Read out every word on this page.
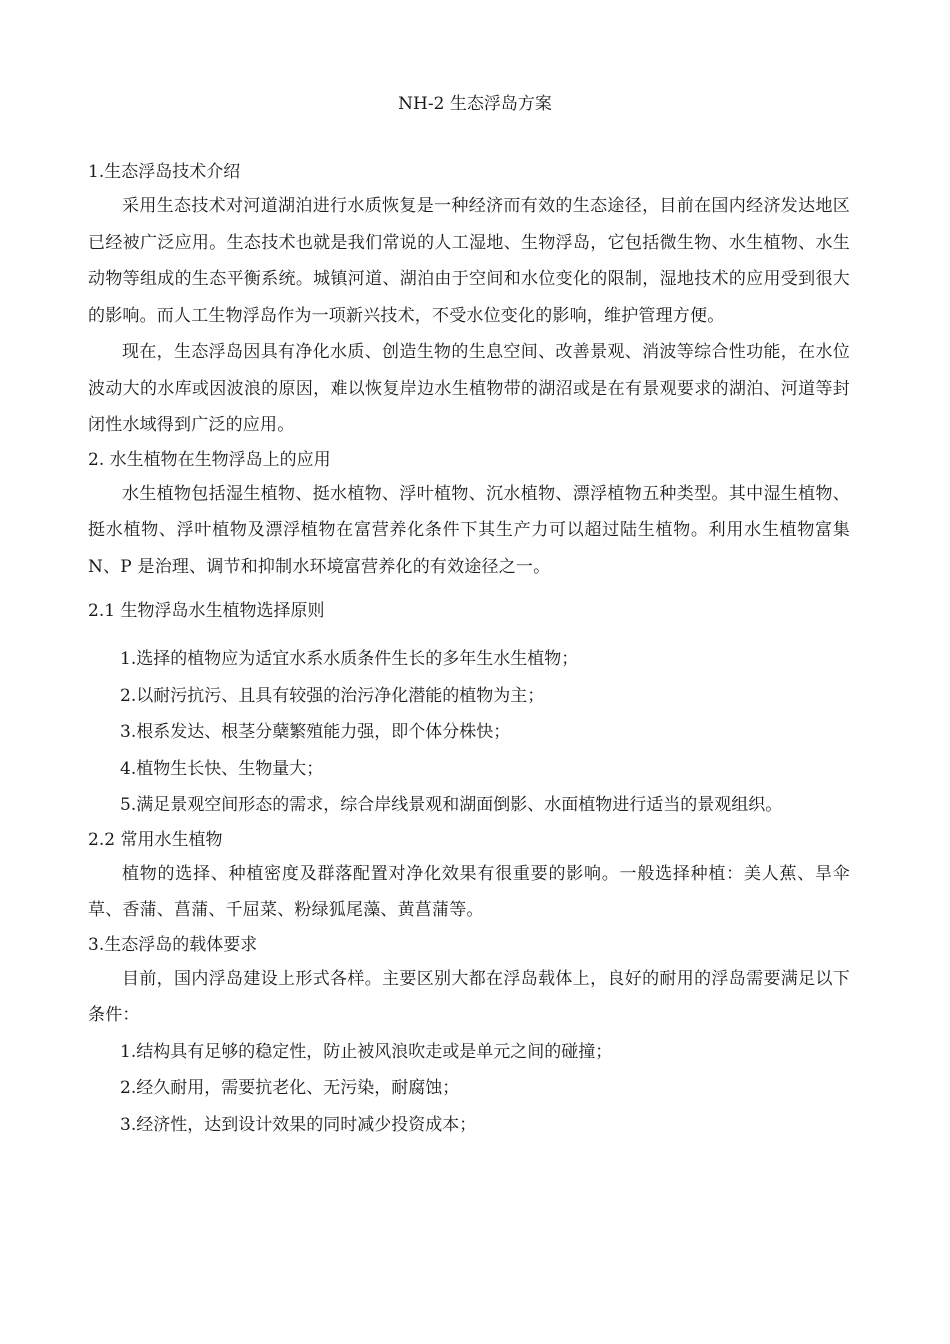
NH-2 生态浮岛方案
1.生态浮岛技术介绍
采用生态技术对河道湖泊进行水质恢复是一种经济而有效的生态途径，目前在国内经济发达地区已经被广泛应用。生态技术也就是我们常说的人工湿地、生物浮岛，它包括微生物、水生植物、水生动物等组成的生态平衡系统。城镇河道、湖泊由于空间和水位变化的限制，湿地技术的应用受到很大的影响。而人工生物浮岛作为一项新兴技术，不受水位变化的影响，维护管理方便。
现在，生态浮岛因具有净化水质、创造生物的生息空间、改善景观、消波等综合性功能，在水位波动大的水库或因波浪的原因，难以恢复岸边水生植物带的湖沼或是在有景观要求的湖泊、河道等封闭性水域得到广泛的应用。
2. 水生植物在生物浮岛上的应用
水生植物包括湿生植物、挺水植物、浮叶植物、沉水植物、漂浮植物五种类型。其中湿生植物、挺水植物、浮叶植物及漂浮植物在富营养化条件下其生产力可以超过陆生植物。利用水生植物富集 N、P 是治理、调节和抑制水环境富营养化的有效途径之一。
2.1 生物浮岛水生植物选择原则
1.选择的植物应为适宜水系水质条件生长的多年生水生植物；
2.以耐污抗污、且具有较强的治污净化潜能的植物为主；
3.根系发达、根茎分蘖繁殖能力强，即个体分株快；
4.植物生长快、生物量大；
5.满足景观空间形态的需求，综合岸线景观和湖面倒影、水面植物进行适当的景观组织。
2.2 常用水生植物
植物的选择、种植密度及群落配置对净化效果有很重要的影响。一般选择种植：美人蕉、旱伞草、香蒲、菖蒲、千屈菜、粉绿狐尾藻、黄菖蒲等。
3.生态浮岛的载体要求
目前，国内浮岛建设上形式各样。主要区别大都在浮岛载体上，良好的耐用的浮岛需要满足以下条件：
1.结构具有足够的稳定性，防止被风浪吹走或是单元之间的碰撞；
2.经久耐用，需要抗老化、无污染，耐腐蚀；
3.经济性，达到设计效果的同时减少投资成本；
